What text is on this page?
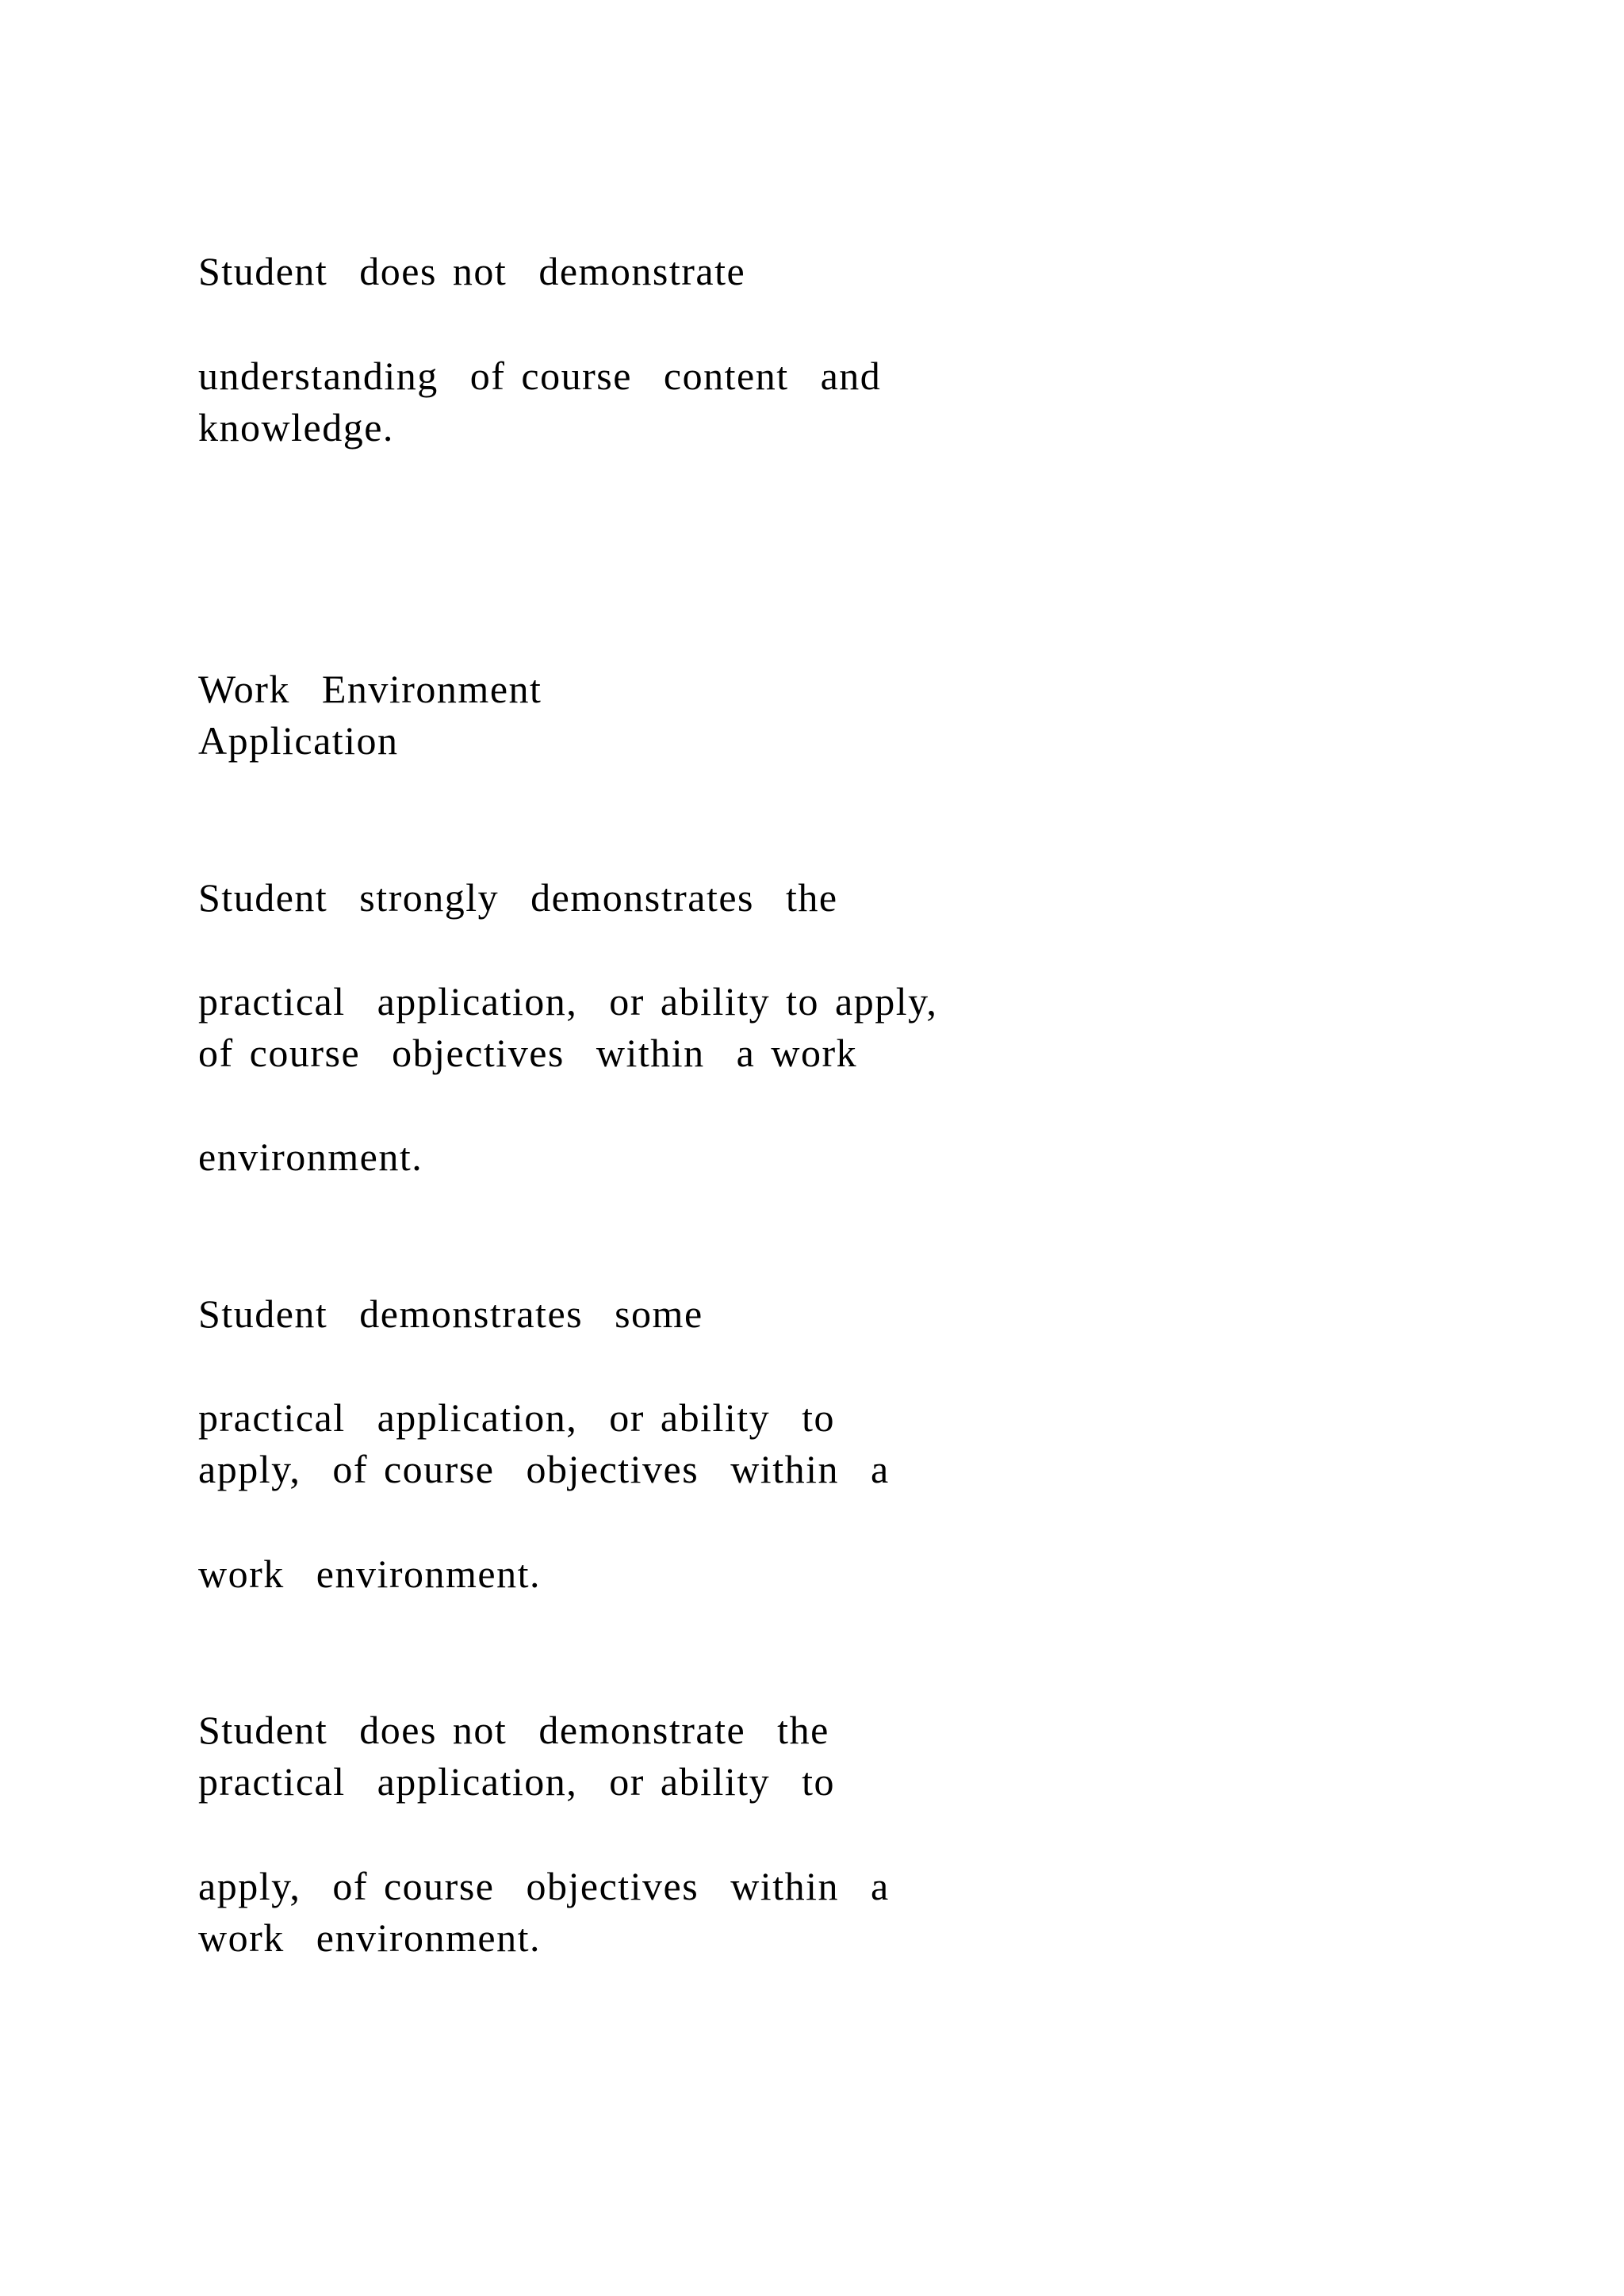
Student  does not  demonstrate
understanding  of course  content  and
knowledge.
Work  Environment
Application
Student  strongly  demonstrates  the
practical  application,  or ability to apply,
of course  objectives  within  a work
environment.
Student  demonstrates  some
practical  application,  or ability  to
apply,  of course  objectives  within  a
work  environment.
Student  does not  demonstrate  the
practical  application,  or ability  to
apply,  of course  objectives  within  a
work  environment.
